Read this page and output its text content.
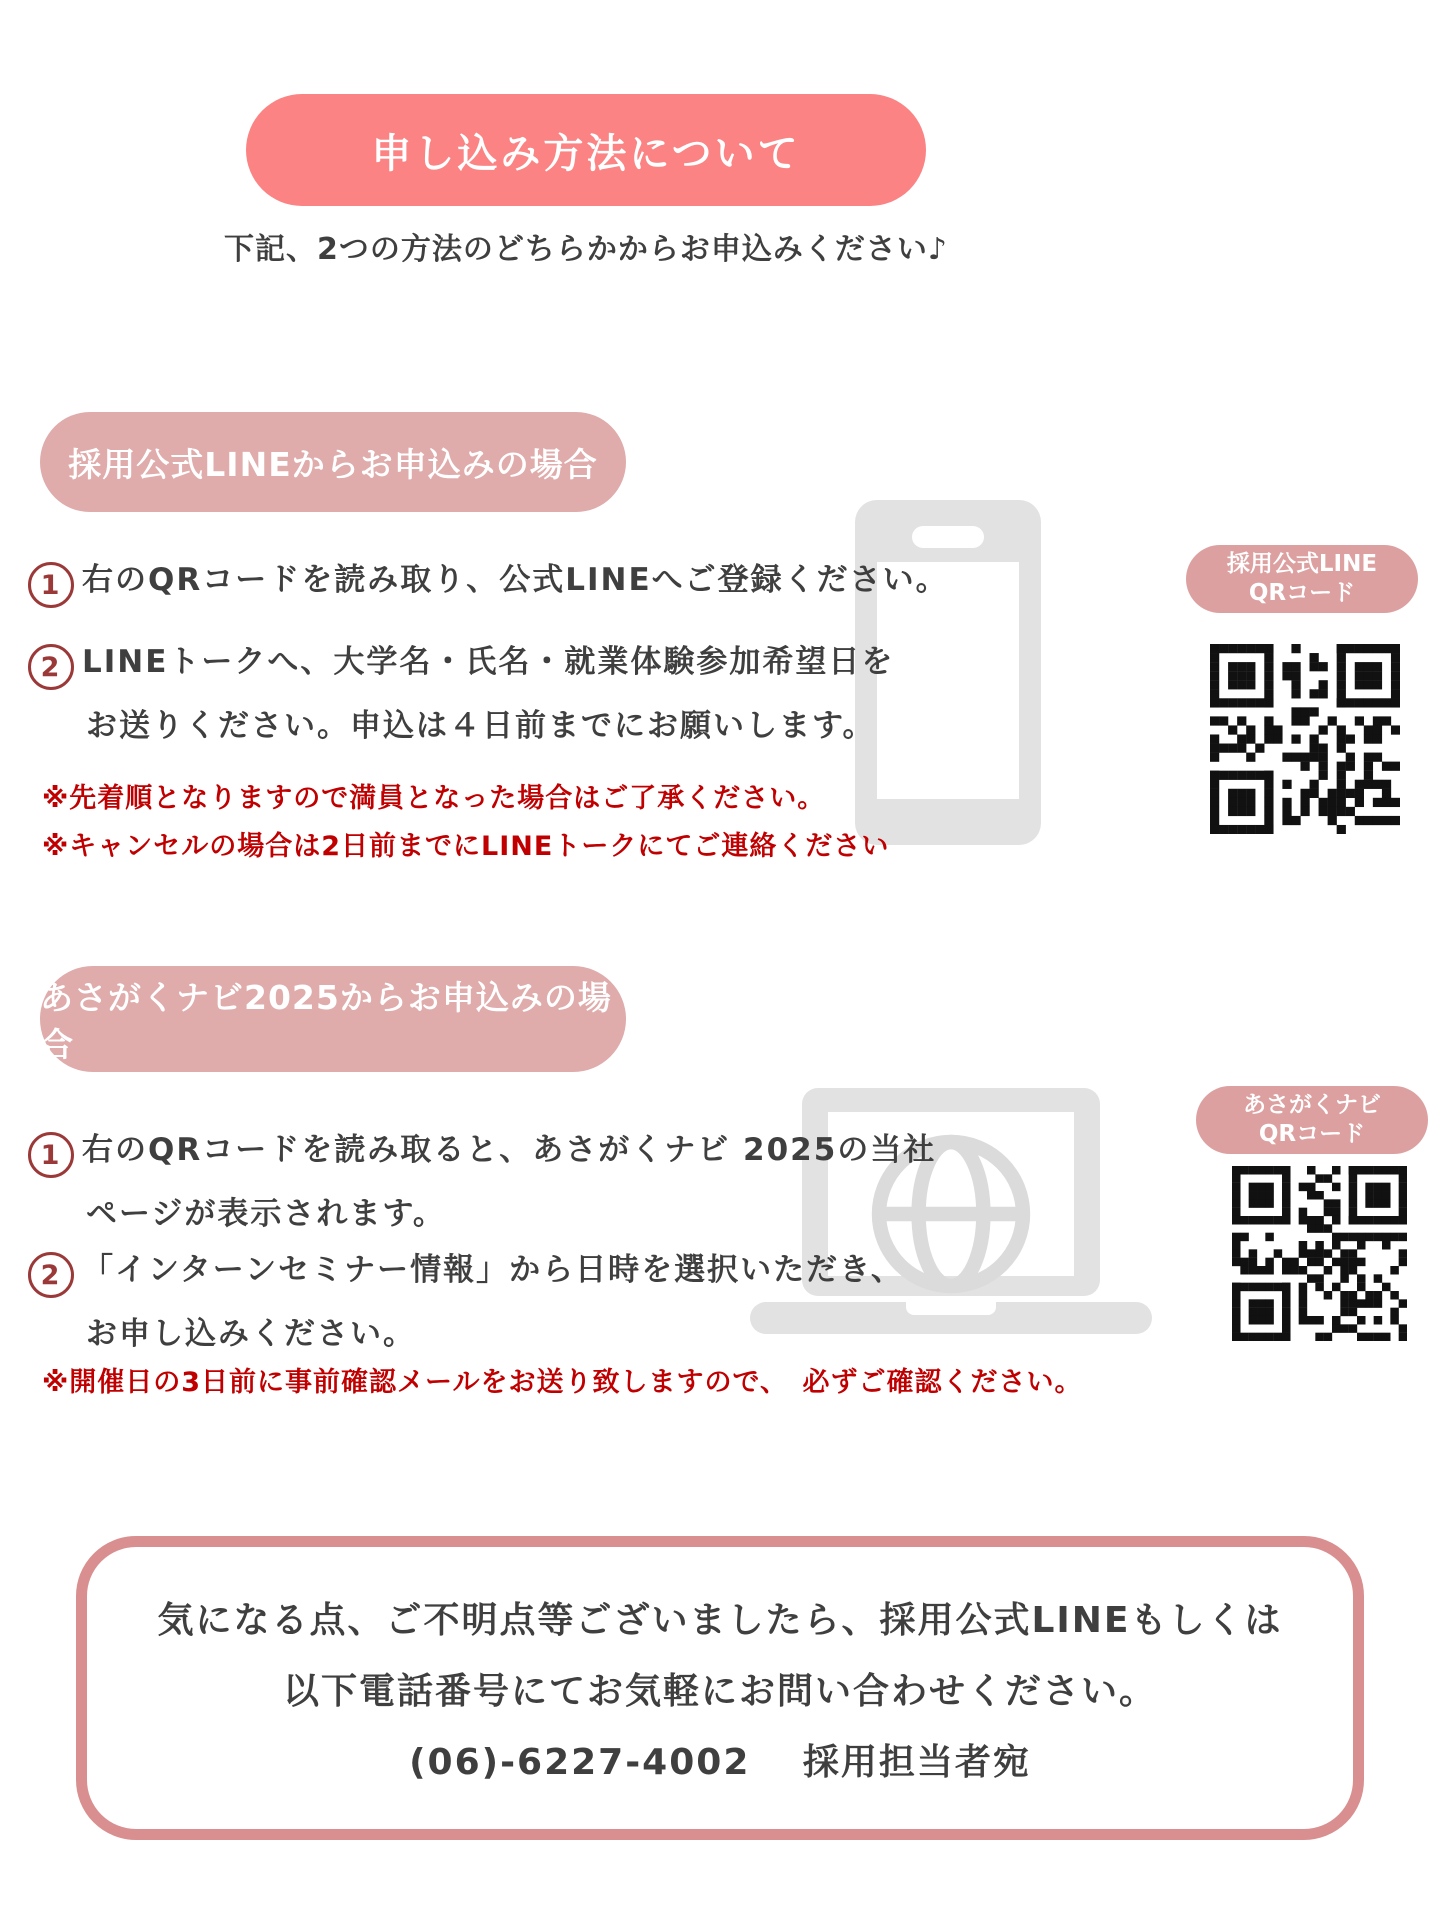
申し込み方法について
下記、2つの方法のどちらかからお申込みください♪
採用公式LINEからお申込みの場合
1 右のQRコードを読み取り、公式LINEへご登録ください。
2 LINEトークへ、大学名・氏名・就業体験参加希望日を
お送りください。申込は４日前までにお願いします。
※先着順となりますので満員となった場合はご了承ください。
※キャンセルの場合は2日前までにLINEトークにてご連絡ください
採用公式LINE
QRコード
あさがくナビ2025からお申込みの場合
1 右のQRコードを読み取ると、あさがくナビ 2025の当社
ページが表示されます。
2 「インターンセミナー情報」から日時を選択いただき、
お申し込みください。
※開催日の3日前に事前確認メールをお送り致しますので、　必ずご確認ください。
あさがくナビ
QRコード
気になる点、ご不明点等ございましたら、採用公式LINEもしくは
以下電話番号にてお気軽にお問い合わせください。
(06)-6227-4002　 採用担当者宛
